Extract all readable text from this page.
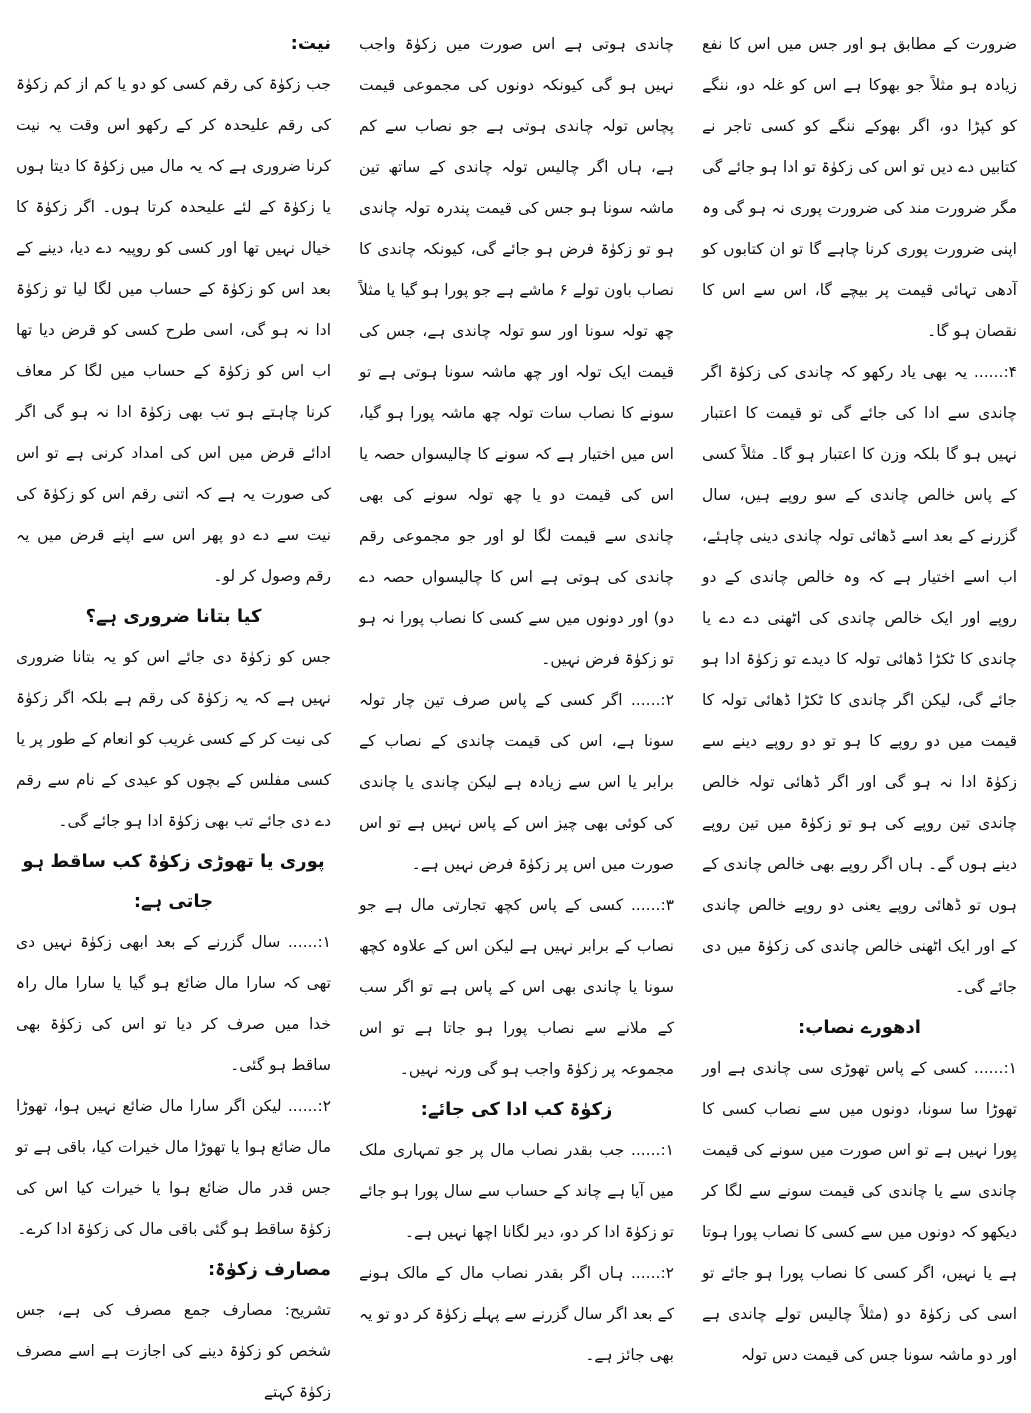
ضرورت کے مطابق ہو اور جس میں اس کا نفع زیادہ ہو مثلاً جو بھوکا ہے اس کو غلہ دو، ننگے کو کپڑا دو، اگر بھوکے ننگے کو کسی تاجر نے کتابیں دے دیں تو اس کی زکوٰۃ تو ادا ہو جائے گی مگر ضرورت مند کی ضرورت پوری نہ ہو گی وہ اپنی ضرورت پوری کرنا چاہے گا تو ان کتابوں کو آدھی تہائی قیمت پر بیچے گا، اس سے اس کا نقصان ہو گا۔

۴:...... یہ بھی یاد رکھو کہ چاندی کی زکوٰۃ اگر چاندی سے ادا کی جائے گی تو قیمت کا اعتبار نہیں ہو گا بلکہ وزن کا اعتبار ہو گا۔ مثلاً کسی کے پاس خالص چاندی کے سو روپے ہیں، سال گزرنے کے بعد اسے ڈھائی تولہ چاندی دینی چاہئے، اب اسے اختیار ہے کہ وہ خالص چاندی کے دو روپے اور ایک خالص چاندی کی اٹھنی دے دے یا چاندی کا ٹکڑا ڈھائی تولہ کا دیدے تو زکوٰۃ ادا ہو جائے گی، لیکن اگر چاندی کا ٹکڑا ڈھائی تولہ کا قیمت میں دو روپے کا ہو تو دو روپے دینے سے زکوٰۃ ادا نہ ہو گی اور اگر ڈھائی تولہ خالص چاندی تین روپے کی ہو تو زکوٰۃ میں تین روپے دینے ہوں گے۔ ہاں اگر روپے بھی خالص چاندی کے ہوں تو ڈھائی روپے یعنی دو روپے خالص چاندی کے اور ایک اٹھنی خالص چاندی کی زکوٰۃ میں دی جائے گی۔

ادھورے نصاب:

۱:...... کسی کے پاس تھوڑی سی چاندی ہے اور تھوڑا سا سونا، دونوں میں سے نصاب کسی کا پورا نہیں ہے تو اس صورت میں سونے کی قیمت چاندی سے یا چاندی کی قیمت سونے سے لگا کر دیکھو کہ دونوں میں سے کسی کا نصاب پورا ہوتا ہے یا نہیں، اگر کسی کا نصاب پورا ہو جائے تو اسی کی زکوٰۃ دو (مثلاً چالیس تولے چاندی ہے اور دو ماشہ سونا جس کی قیمت دس تولہ

چاندی ہوتی ہے اس صورت میں زکوٰۃ واجب نہیں ہو گی کیونکہ دونوں کی مجموعی قیمت پچاس تولہ چاندی ہوتی ہے جو نصاب سے کم ہے، ہاں اگر چالیس تولہ چاندی کے ساتھ تین ماشہ سونا ہو جس کی قیمت پندرہ تولہ چاندی ہو تو زکوٰۃ فرض ہو جائے گی، کیونکہ چاندی کا نصاب باون تولے ۶ ماشے ہے جو پورا ہو گیا یا مثلاً چھ تولہ سونا اور سو تولہ چاندی ہے، جس کی قیمت ایک تولہ اور چھ ماشہ سونا ہوتی ہے تو سونے کا نصاب سات تولہ چھ ماشہ پورا ہو گیا، اس میں اختیار ہے کہ سونے کا چالیسواں حصہ یا اس کی قیمت دو یا چھ تولہ سونے کی بھی چاندی سے قیمت لگا لو اور جو مجموعی رقم چاندی کی ہوتی ہے اس کا چالیسواں حصہ دے دو) اور دونوں میں سے کسی کا نصاب پورا نہ ہو تو زکوٰۃ فرض نہیں۔

۲:...... اگر کسی کے پاس صرف تین چار تولہ سونا ہے، اس کی قیمت چاندی کے نصاب کے برابر یا اس سے زیادہ ہے لیکن چاندی یا چاندی کی کوئی بھی چیز اس کے پاس نہیں ہے تو اس صورت میں اس پر زکوٰۃ فرض نہیں ہے۔

۳:...... کسی کے پاس کچھ تجارتی مال ہے جو نصاب کے برابر نہیں ہے لیکن اس کے علاوہ کچھ سونا یا چاندی بھی اس کے پاس ہے تو اگر سب کے ملانے سے نصاب پورا ہو جاتا ہے تو اس مجموعہ پر زکوٰۃ واجب ہو گی ورنہ نہیں۔

زکوٰۃ کب ادا کی جائے:

۱:...... جب بقدر نصاب مال پر جو تمہاری ملک میں آیا ہے چاند کے حساب سے سال پورا ہو جائے تو زکوٰۃ ادا کر دو، دیر لگانا اچھا نہیں ہے۔

۲:...... ہاں اگر بقدر نصاب مال کے مالک ہونے کے بعد اگر سال گزرنے سے پہلے زکوٰۃ کر دو تو یہ بھی جائز ہے۔

نیت:

جب زکوٰۃ کی رقم کسی کو دو یا کم از کم زکوٰۃ کی رقم علیحدہ کر کے رکھو اس وقت یہ نیت کرنا ضروری ہے کہ یہ مال میں زکوٰۃ کا دیتا ہوں یا زکوٰۃ کے لئے علیحدہ کرتا ہوں۔ اگر زکوٰۃ کا خیال نہیں تھا اور کسی کو روپیہ دے دیا، دینے کے بعد اس کو زکوٰۃ کے حساب میں لگا لیا تو زکوٰۃ ادا نہ ہو گی، اسی طرح کسی کو قرض دیا تھا اب اس کو زکوٰۃ کے حساب میں لگا کر معاف کرنا چاہتے ہو تب بھی زکوٰۃ ادا نہ ہو گی اگر ادائے قرض میں اس کی امداد کرنی ہے تو اس کی صورت یہ ہے کہ اتنی رقم اس کو زکوٰۃ کی نیت سے دے دو پھر اس سے اپنے قرض میں یہ رقم وصول کر لو۔

کیا بتانا ضروری ہے؟

جس کو زکوٰۃ دی جائے اس کو یہ بتانا ضروری نہیں ہے کہ یہ زکوٰۃ کی رقم ہے بلکہ اگر زکوٰۃ کی نیت کر کے کسی غریب کو انعام کے طور پر یا کسی مفلس کے بچوں کو عیدی کے نام سے رقم دے دی جائے تب بھی زکوٰۃ ادا ہو جائے گی۔

پوری یا تھوڑی زکوٰۃ کب ساقط ہو جاتی ہے:

۱:...... سال گزرنے کے بعد ابھی زکوٰۃ نہیں دی تھی کہ سارا مال ضائع ہو گیا یا سارا مال راہ خدا میں صرف کر دیا تو اس کی زکوٰۃ بھی ساقط ہو گئی۔

۲:...... لیکن اگر سارا مال ضائع نہیں ہوا، تھوڑا مال ضائع ہوا یا تھوڑا مال خیرات کیا، باقی ہے تو جس قدر مال ضائع ہوا یا خیرات کیا اس کی زکوٰۃ ساقط ہو گئی باقی مال کی زکوٰۃ ادا کرے۔

مصارف زکوٰۃ:

تشریح: مصارف جمع مصرف کی ہے، جس شخص کو زکوٰۃ دینے کی اجازت ہے اسے مصرف زکوٰۃ کہتے
